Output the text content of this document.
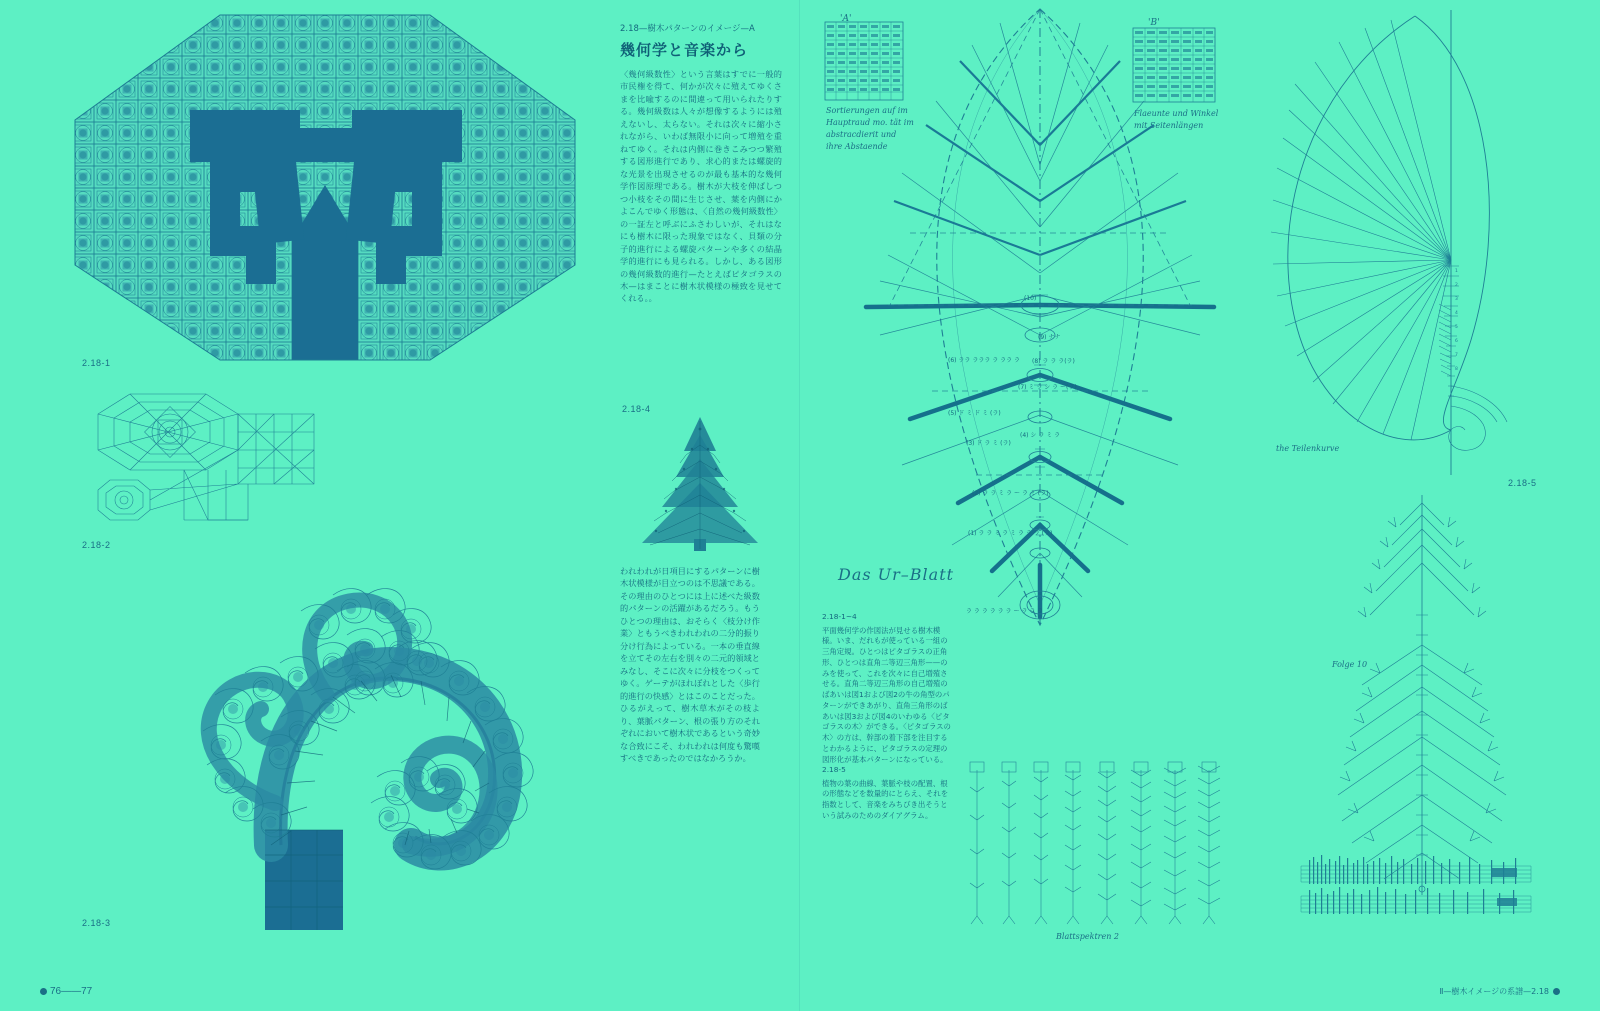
2.18-1
2.18-2
2.18-3
2.18—樹木パターンのイメージ—A
幾何学と音楽から
〈幾何級数性〉という言葉はすでに一般的市民権を得て、何かが次々に殖えてゆくさまを比喩するのに間違って用いられたりする。幾何級数は人々が想像するようには殖えないし、太らない。それは次々に縮小されながら、いわば無限小に向って増殖を重ねてゆく。それは内側に巻きこみつつ繁殖する図形進行であり、求心的または螺旋的な光景を出現させるのが最も基本的な幾何学作図原理である。樹木が大枝を伸ばしつつ小枝をその間に生じさせ、葉を内側にかよこんでゆく形態は、〈自然の幾何級数性〉の一証左と呼ぶにふさわしいが、それはなにも樹木に限った現象ではなく、貝類の分子的進行による螺旋パターンや多くの結晶学的進行にも見られる。しかし、ある図形の幾何級数的進行—たとえばピタゴラスの木—はまことに樹木状模様の極致を見せてくれる。。
2.18-4
われわれが日項目にするパターンに樹木状模様が目立つのは不思議である。その理由のひとつには上に述べた級数的パターンの活躍があるだろう。もうひとつの理由は、おそらく〈枝分け作業〉ともうべきわれわれの二分的振り分け行為によっている。一本の垂直線を立てその左右を別々の二元的領域とみなし、そこに次々に分枝をつくってゆく。ゲーテがほれぼれとした〈歩行的進行の快感〉とはこのことだった。ひるがえって、樹木草木がその枝より、葉脈パターン、根の張り方のそれぞれにおいて樹木状であるという奇妙な合致にこそ、われわれは何度も驚嘆すべきであったのではなかろうか。
76——77
'A'
Sortierungen auf im
Hauptraud mo. tät im
abstracdierit und
ihre Abstaende
'B'
Flaeunte und Winkel
mit Seitenlängen
(10)
(9) ナナ
(8) ラ ラ ラ(ラ)
(7) ミ ラ シ ラ ー(ラ)
(6) ララ ラララ ラ ララ ラ
(5) ド ミ ド ミ (ラ)
(4) シ ラ ミ ラ
(3) ド ラ ミ (ラ)
(2) ラ ラ ミ ラ ー ラ ミ (ラ)
(1) ラ ラ ミ ラ ミ ラ ラ ラ (ラ)
ラ ラ ラ ラ ラ ラ ー ラ ラ ラ
Das Ur–Blatt
2.18-1~4
平面幾何学の作図法が見せる樹木模様。いま、だれもが使っている一組の三角定規。ひとつはピタゴラスの正角形、ひとつは直角二等辺三角形——のみを使って、これを次々に自己増殖させる。直角二等辺三角形の自己増殖のばあいは図1および図2の牛の角型のパターンができあがり、直角三角形のばあいは図3および図4のいわゆる〈ピタゴラスの木〉ができる。〈ピタゴラスの木〉の方は、幹部の着下部を注目するとわかるように、ピタゴラスの定理の図形化が基本パターンになっている。
2.18-5
植物の葉の曲線、葉脈や枝の配置、根の形態などを数量的にとらえ、それを指数として、音楽をみちびき出そうという試みのためのダイアグラム。
1
2
3
4
5
6
7
8
the Teilenkurve
2.18-5
Folge 10
Blattspektren 2
Ⅱ—樹木イメージの系譜—2.18
